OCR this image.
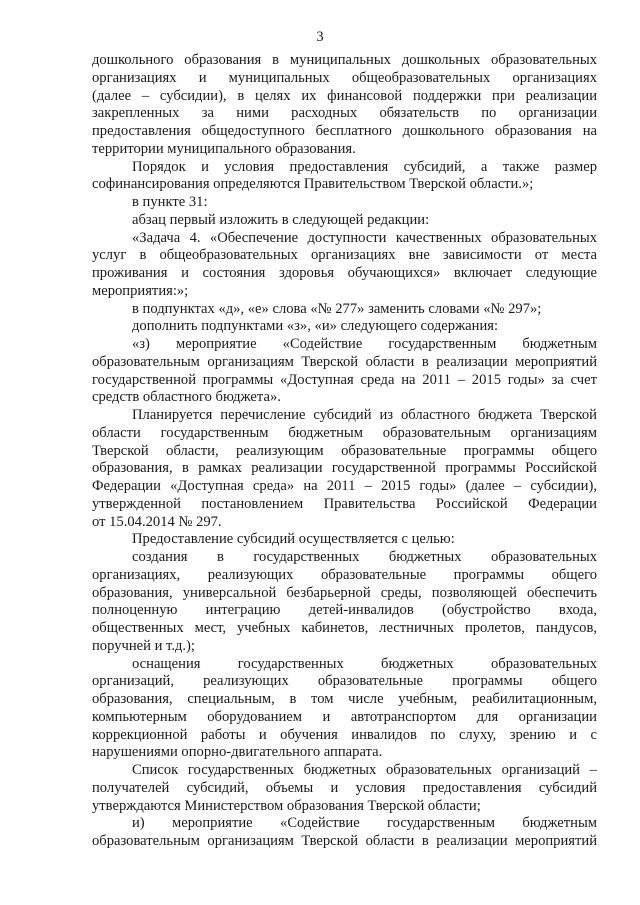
3

дошкольного образования в муниципальных дошкольных образовательных

организациях и муниципальных общеобразовательных организациях

(далее – субсидии), в целях их финансовой поддержки при реализации

закрепленных за ними расходных обязательств по организации

предоставления общедоступного бесплатного дошкольного образования на

территории муниципального образования.

Порядок и условия предоставления субсидий, а также размер

софинансирования определяются Правительством Тверской области.»;

в пункте 31:

абзац первый изложить в следующей редакции:

«Задача 4. «Обеспечение доступности качественных образовательных

услуг в общеобразовательных организациях вне зависимости от места

проживания и состояния здоровья обучающихся» включает следующие

мероприятия:»;

в подпунктах «д», «е» слова «№ 277» заменить словами «№ 297»;

дополнить подпунктами «з», «и» следующего содержания:

«з) мероприятие «Содействие государственным бюджетным

образовательным организациям Тверской области в реализации мероприятий

государственной программы «Доступная среда на 2011 – 2015 годы» за счет

средств областного бюджета».

Планируется перечисление субсидий из областного бюджета Тверской

области государственным бюджетным образовательным организациям

Тверской области, реализующим образовательные программы общего

образования, в рамках реализации государственной программы Российской

Федерации «Доступная среда» на 2011 – 2015 годы» (далее – субсидии),

утвержденной постановлением Правительства Российской Федерации

от 15.04.2014 № 297.

Предоставление субсидий осуществляется с целью:

создания в государственных бюджетных образовательных

организациях, реализующих образовательные программы общего

образования, универсальной безбарьерной среды, позволяющей обеспечить

полноценную интеграцию детей-инвалидов (обустройство входа,

общественных мест, учебных кабинетов, лестничных пролетов, пандусов,

поручней и т.д.);

оснащения государственных бюджетных образовательных

организаций, реализующих образовательные программы общего

образования, специальным, в том числе учебным, реабилитационным,

компьютерным оборудованием и автотранспортом для организации

коррекционной работы и обучения инвалидов по слуху, зрению и с

нарушениями опорно-двигательного аппарата.

Список государственных бюджетных образовательных организаций –

получателей субсидий, объемы и условия предоставления субсидий

утверждаются Министерством образования Тверской области;

и) мероприятие «Содействие государственным бюджетным

образовательным организациям Тверской области в реализации мероприятий
